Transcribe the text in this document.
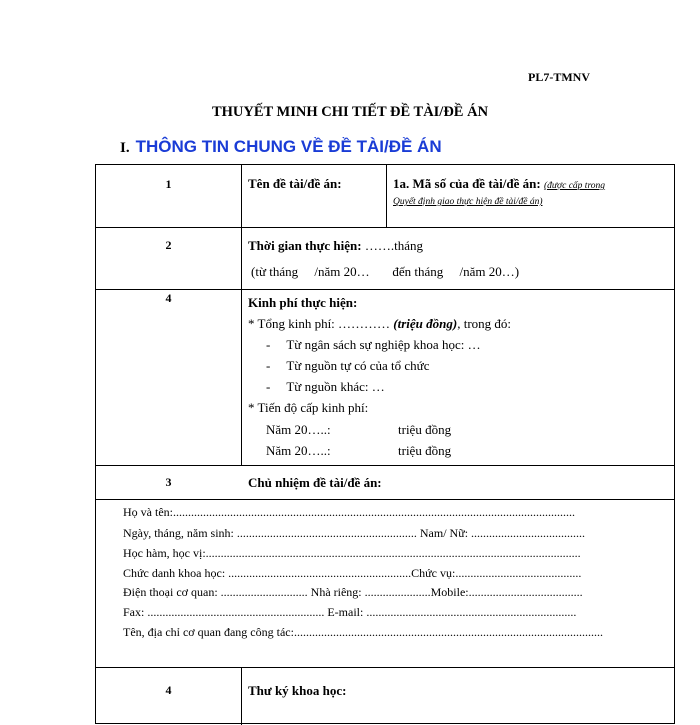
PL7-TMNV
THUYẾT MINH CHI TIẾT ĐỀ TÀI/ĐỀ ÁN
I. THÔNG TIN CHUNG VỀ ĐỀ TÀI/ĐỀ ÁN
1	Tên đề tài/đề án:	1a. Mã số của đề tài/đề án: (được cấp trong
Quyết định giao thực hiện đề tài/đề án)
2	Thời gian thực hiện: …….tháng
(từ tháng     /năm 20…       đến tháng     /năm 20…)
4	Kinh phí thực hiện:
* Tổng kinh phí: ………… (triệu đồng), trong đó:
-     Từ ngân sách sự nghiệp khoa học: …
-     Từ nguồn tự có của tổ chức
-     Từ nguồn khác: …
* Tiến độ cấp kinh phí:
Năm 20…..:	triệu đồng
Năm 20…..:	triệu đồng
3	Chủ nhiệm đề tài/đề án:
Họ và tên:......................................................................................................................................
Ngày, tháng, năm sinh: ............................................................ Nam/ Nữ: ......................................
Học hàm, học vị:.............................................................................................................................
Chức danh khoa học: .............................................................Chức vụ:..........................................
Điện thoại cơ quan: ............................. Nhà riêng: ......................Mobile:......................................
Fax: ........................................................... E-mail: ......................................................................
Tên, địa chỉ cơ quan đang công tác:.......................................................................................................
4	Thư ký khoa học:
